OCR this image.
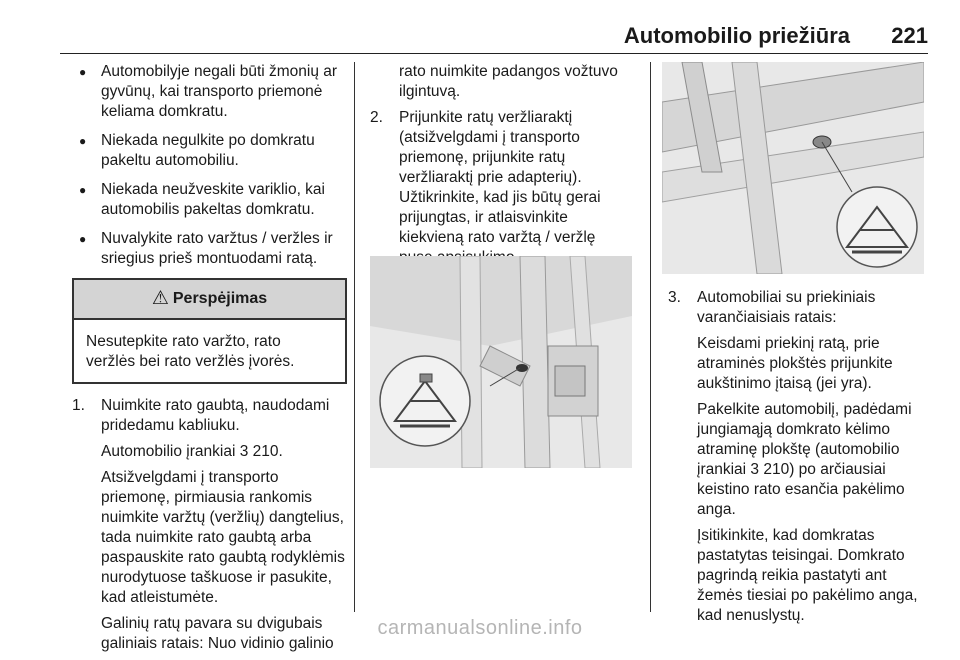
Automobilio priežiūra 221
● Automobilyje negali būti žmonių ar gyvūnų, kai transporto priemonė keliama domkratu.
● Niekada negulkite po domkratu pakeltu automobiliu.
● Niekada neužveskite variklio, kai automobilis pakeltas domkratu.
● Nuvalykite rato varžtus / veržles ir sriegius prieš montuodami ratą.
⚠ Perspėjimas
Nesutepkite rato varžto, rato veržlės bei rato veržlės įvorės.
1. Nuimkite rato gaubtą, naudodami pridedamu kabliuku.

Automobilio įrankiai 3 210.

Atsižvelgdami į transporto priemonę, pirmiausia rankomis nuimkite varžtų (veržlių) dangtelius, tada nuimkite rato gaubtą arba paspauskite rato gaubtą rodyklėmis nurodytuose taškuose ir pasukite, kad atleistumėte.

Galinių ratų pavara su dvigubais galiniais ratais: Nuo vidinio galinio

rato nuimkite padangos vožtuvo ilgintuvą.
2. Prijunkite ratų veržliaraktį (atsižvelgdami į transporto priemonę, prijunkite ratų veržliaraktį prie adapterių). Užtikrinkite, kad jis būtų gerai prijungtas, ir atlaisvinkite kiekvieną rato varžtą / veržlę

3. Automobiliai su priekiniais varančiaisiais ratais:

Keisdami priekinį ratą, prie atraminės plokštės prijunkite aukštinimo įtaisą (jei yra).

Pakelkite automobilį, padėdami jungiamąją domkrato kėlimo atraminę plokštę (automobilio įrankiai 3 210) po arčiausiai keistino rato esančia pakėlimo anga.

Įsitikinkite, kad domkratas pastatytas teisingai. Domkrato pagrindą reikia pastatyti ant žemės tiesiai po pakėlimo anga, kad nenuslystų.

carmanualsonline.info
